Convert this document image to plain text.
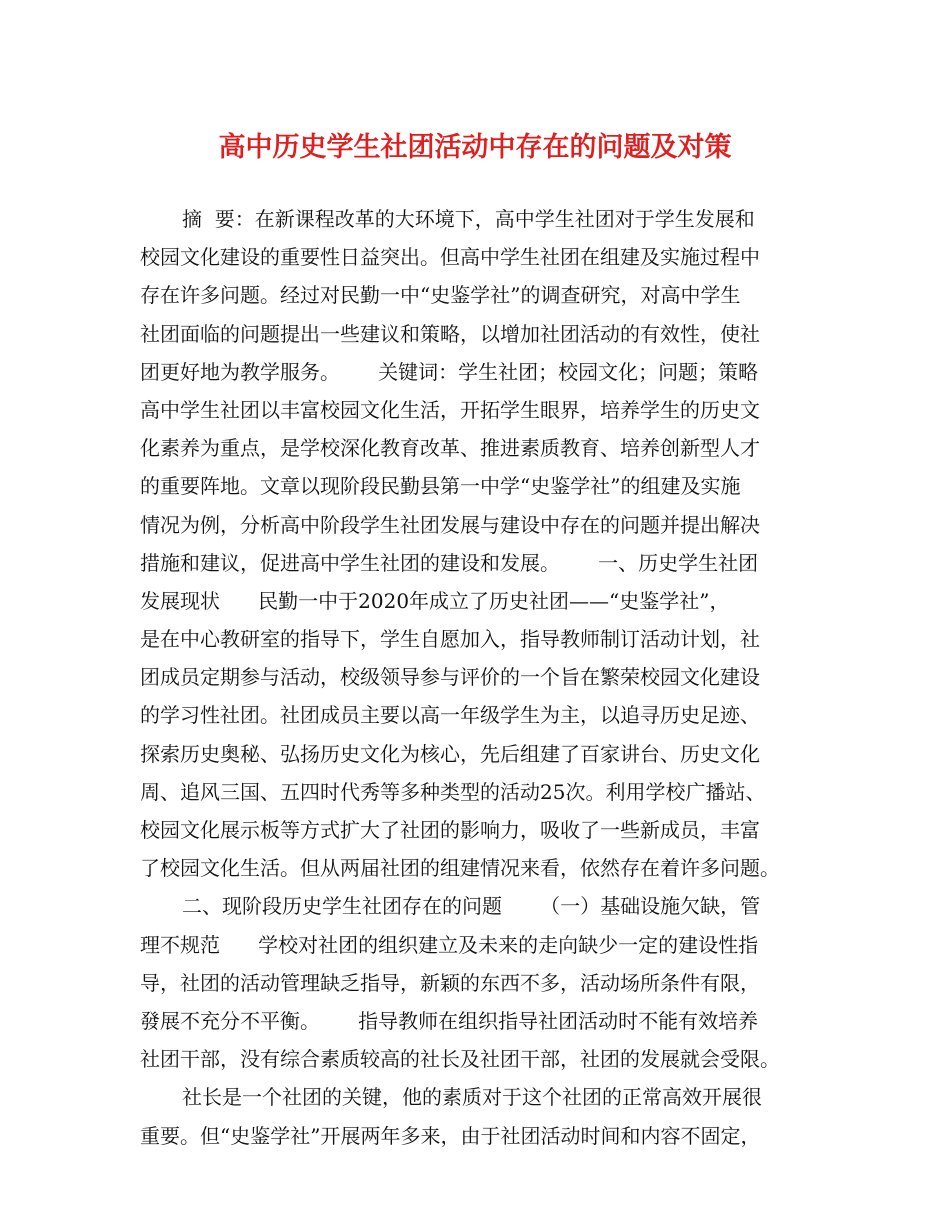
高中历史学生社团活动中存在的问题及对策
摘  要：在新课程改革的大环境下，高中学生社团对于学生发展和
校园文化建设的重要性日益突出。但高中学生社团在组建及实施过程中
存在许多问题。经过对民勤一中“史鉴学社”的调查研究，对高中学生
社团面临的问题提出一些建议和策略，以增加社团活动的有效性，使社
团更好地为教学服务。      关键词：学生社团；校园文化；问题；策略
高中学生社团以丰富校园文化生活，开拓学生眼界，培养学生的历史文
化素养为重点，是学校深化教育改革、推进素质教育、培养创新型人才
的重要阵地。文章以现阶段民勤县第一中学“史鉴学社”的组建及实施
情况为例，分析高中阶段学生社团发展与建设中存在的问题并提出解决
措施和建议，促进高中学生社团的建设和发展。      一、历史学生社团
发展现状      民勤一中于2020年成立了历史社团——“史鉴学社”，
是在中心教研室的指导下，学生自愿加入，指导教师制订活动计划，社
团成员定期参与活动，校级领导参与评价的一个旨在繁荣校园文化建设
的学习性社团。社团成员主要以高一年级学生为主，以追寻历史足迹、
探索历史奥秘、弘扬历史文化为核心，先后组建了百家讲台、历史文化
周、追风三国、五四时代秀等多种类型的活动25次。利用学校广播站、
校园文化展示板等方式扩大了社团的影响力，吸收了一些新成员，丰富
了校园文化生活。但从两届社团的组建情况来看，依然存在着许多问题。
二、现阶段历史学生社团存在的问题      （一）基础设施欠缺，管
理不规范      学校对社团的组织建立及未来的走向缺少一定的建设性指
导，社团的活动管理缺乏指导，新颖的东西不多，活动场所条件有限，
發展不充分不平衡。      指导教师在组织指导社团活动时不能有效培养
社团干部，没有综合素质较高的社长及社团干部，社团的发展就会受限。
社长是一个社团的关键，他的素质对于这个社团的正常高效开展很
重要。但“史鉴学社”开展两年多来，由于社团活动时间和内容不固定，
